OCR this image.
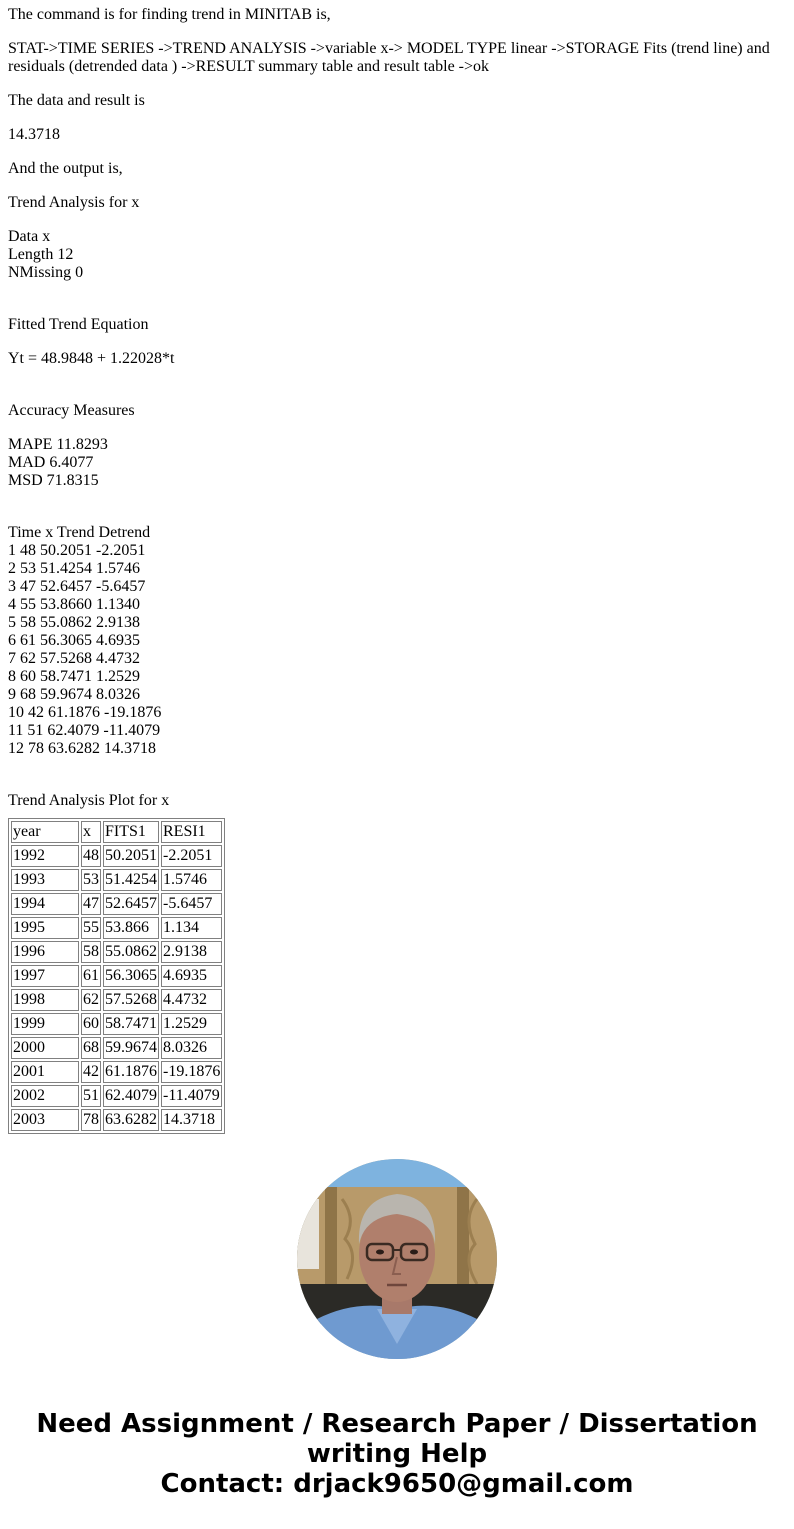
The command is for finding trend in MINITAB is,

STAT->TIME SERIES ->TREND ANALYSIS ->variable x-> MODEL TYPE linear ->STORAGE Fits (trend line) and residuals (detrended data ) ->RESULT summary table and result table ->ok

The data and result is

14.3718

And the output is,

Trend Analysis for x

Data x
Length 12
NMissing 0

Fitted Trend Equation

Yt = 48.9848 + 1.22028*t

Accuracy Measures

MAPE 11.8293
MAD 6.4077
MSD 71.8315

Time x Trend Detrend
1 48 50.2051 -2.2051
2 53 51.4254 1.5746
3 47 52.6457 -5.6457
4 55 53.8660 1.1340
5 58 55.0862 2.9138
6 61 56.3065 4.6935
7 62 57.5268 4.4732
8 60 58.7471 1.2529
9 68 59.9674 8.0326
10 42 61.1876 -19.1876
11 51 62.4079 -11.4079
12 78 63.6282 14.3718

Trend Analysis Plot for x

year	x	FITS1	RESI1
1992	48	50.2051	-2.2051
1993	53	51.4254	1.5746
1994	47	52.6457	-5.6457
1995	55	53.866	1.134
1996	58	55.0862	2.9138
1997	61	56.3065	4.6935
1998	62	57.5268	4.4732
1999	60	58.7471	1.2529
2000	68	59.9674	8.0326
2001	42	61.1876	-19.1876
2002	51	62.4079	-11.4079
2003	78	63.6282	14.3718
Need Assignment / Research Paper / Dissertation
writing Help
Contact: drjack9650@gmail.com
